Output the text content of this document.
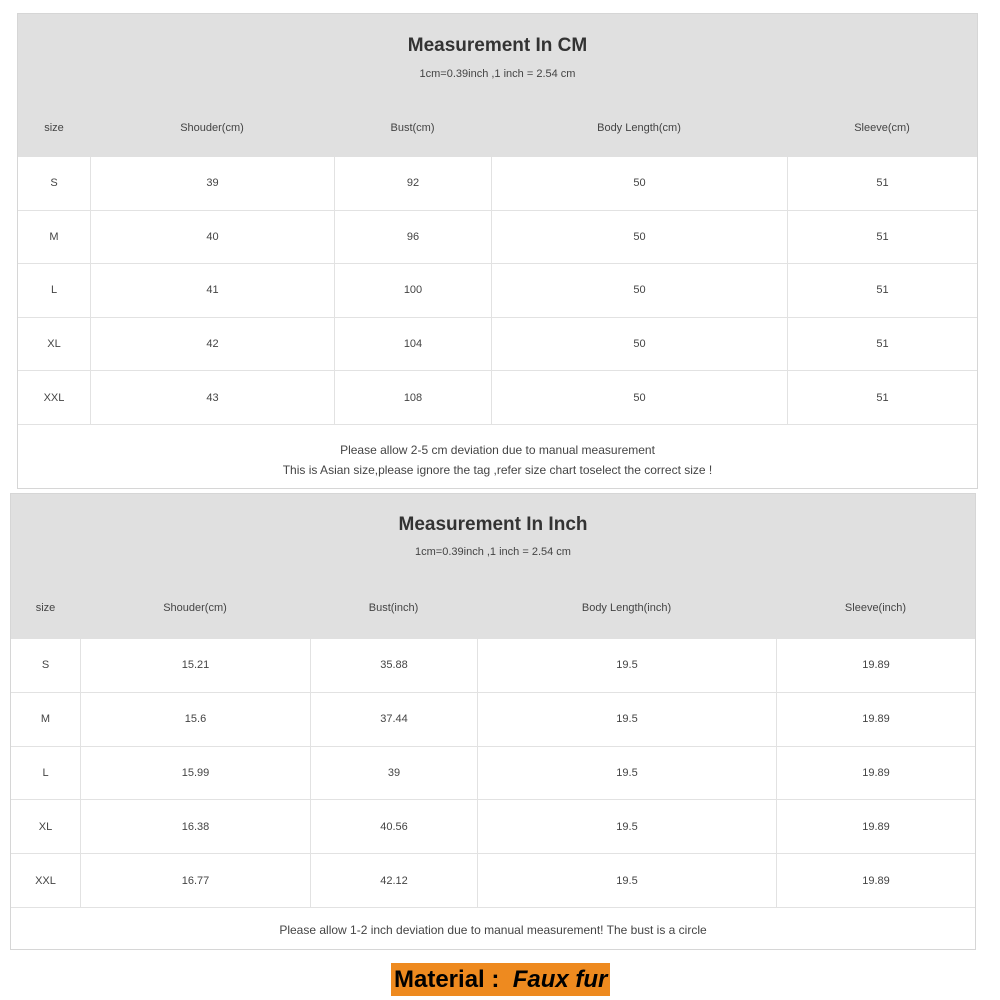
Measurement In CM
1cm=0.39inch ,1 inch = 2.54 cm
size	Shouder(cm)	Bust(cm)	Body Length(cm)	Sleeve(cm)
S	39	92	50	51
M	40	96	50	51
L	41	100	50	51
XL	42	104	50	51
XXL	43	108	50	51
Please allow 2-5 cm deviation due to manual measurement
This is Asian size,please ignore the tag ,refer size chart toselect the correct size !
Measurement In Inch
1cm=0.39inch ,1 inch = 2.54 cm
size	Shouder(cm)	Bust(inch)	Body Length(inch)	Sleeve(inch)
S	15.21	35.88	19.5	19.89
M	15.6	37.44	19.5	19.89
L	15.99	39	19.5	19.89
XL	16.38	40.56	19.5	19.89
XXL	16.77	42.12	19.5	19.89
Please allow 1-2 inch deviation due to manual measurement! The bust is a circle
Material :  Faux fur
